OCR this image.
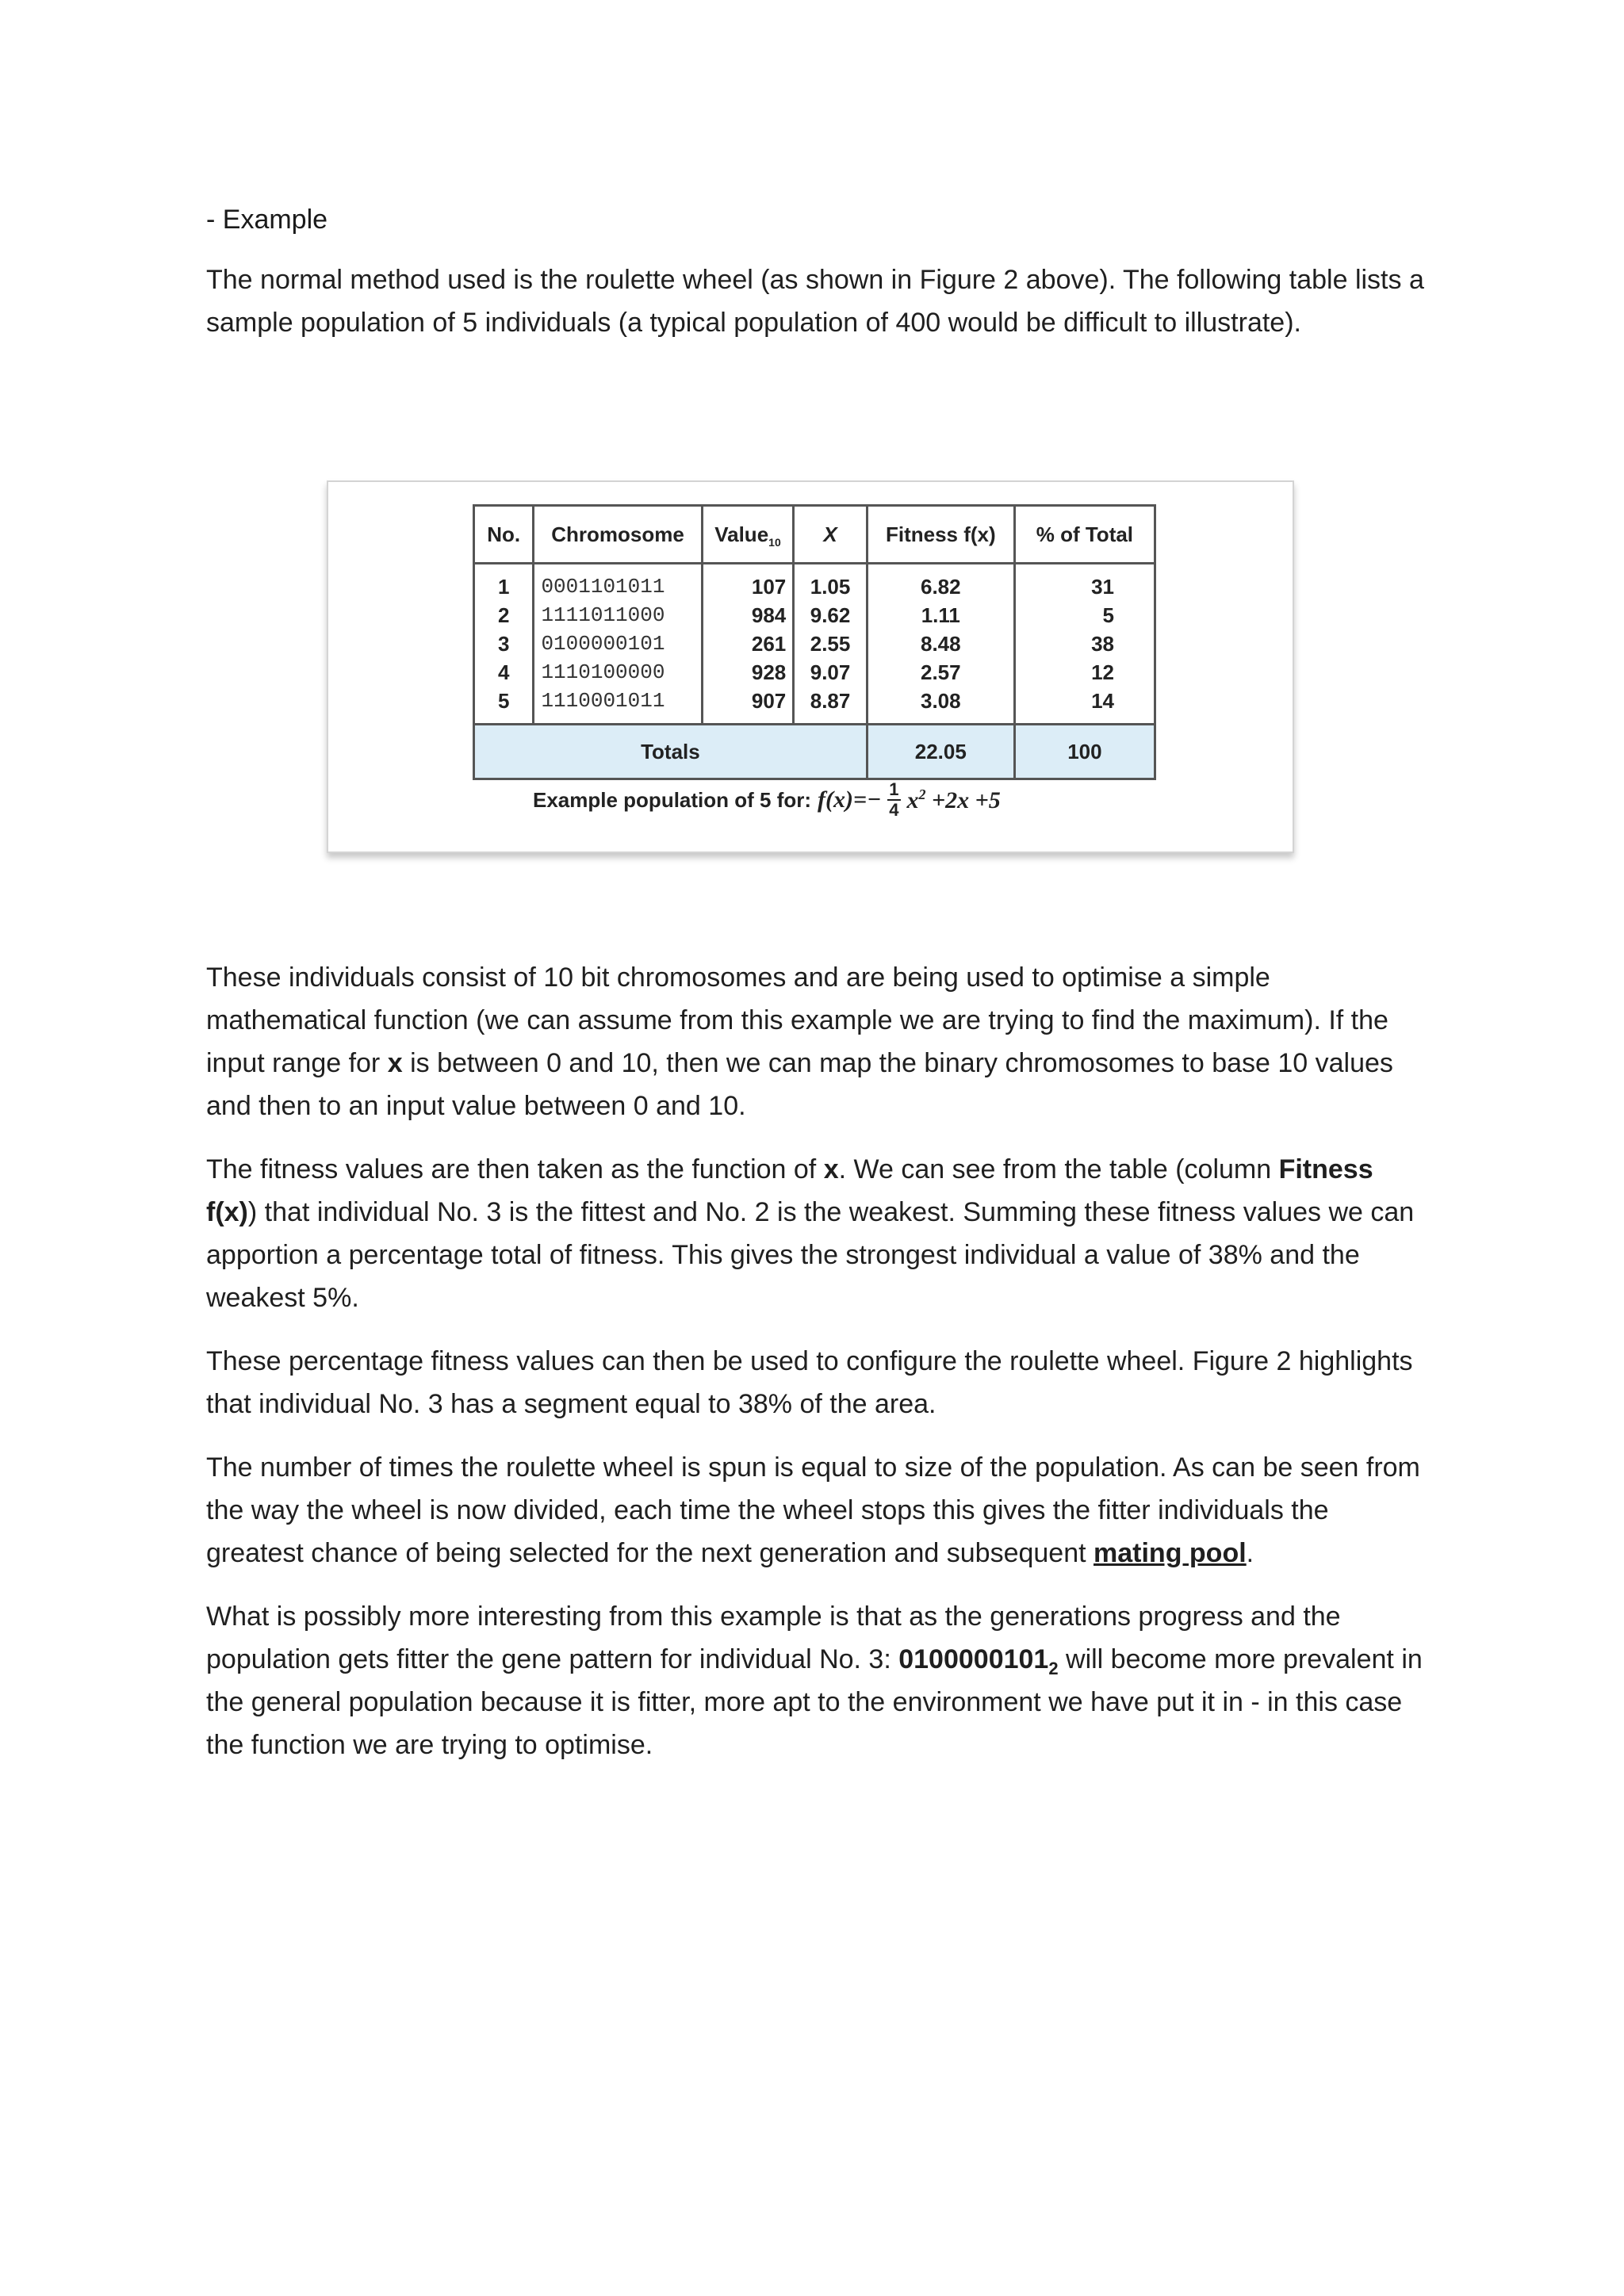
- Example

The normal method used is the roulette wheel (as shown in Figure 2 above). The following table lists a sample population of 5 individuals (a typical population of 400 would be difficult to illustrate).

No.	Chromosome	Value$_{10}$	X	Fitness f(x)	% of Total
1	0001101011	107	1.05	6.82	31
2	1111011000	984	9.62	1.11	5
3	0100000101	261	2.55	8.48	38
4	1110100000	928	9.07	2.57	12
5	1110001011	907	8.87	3.08	14
Totals				22.05	100
Example population of 5 for: $f(x)=- \frac{1}{4} x^2 +2x +5$

These individuals consist of 10 bit chromosomes and are being used to optimise a simple mathematical function (we can assume from this example we are trying to find the maximum). If the input range for x is between 0 and 10, then we can map the binary chromosomes to base 10 values and then to an input value between 0 and 10.

The fitness values are then taken as the function of x. We can see from the table (column Fitness f(x)) that individual No. 3 is the fittest and No. 2 is the weakest. Summing these fitness values we can apportion a percentage total of fitness. This gives the strongest individual a value of 38% and the weakest 5%.

These percentage fitness values can then be used to configure the roulette wheel. Figure 2 highlights that individual No. 3 has a segment equal to 38% of the area.

The number of times the roulette wheel is spun is equal to size of the population. As can be seen from the way the wheel is now divided, each time the wheel stops this gives the fitter individuals the greatest chance of being selected for the next generation and subsequent mating pool.

What is possibly more interesting from this example is that as the generations progress and the population gets fitter the gene pattern for individual No. 3: $0100000101_2$ will become more prevalent in the general population because it is fitter, more apt to the environment we have put it in - in this case the function we are trying to optimise.
